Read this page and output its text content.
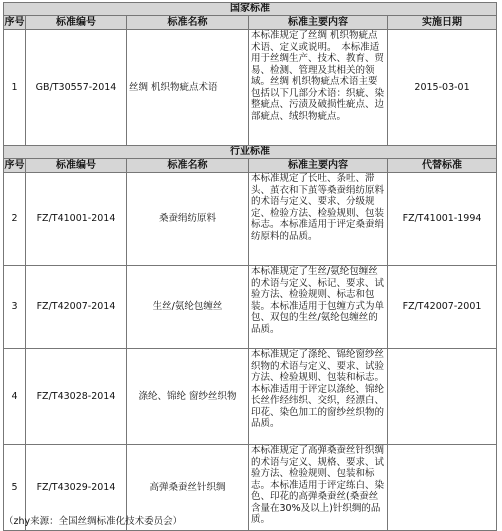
国家标准				
序号	标准编号	标准名称	标准主要内容	实施日期
1	GB/T30557-2014	丝绸 机织物疵点术语	本标准规定了丝绸 机织物疵点术语、定义或说明。　本标准适用于丝绸生产、技术、教育、贸易、检测、管理及其相关的领域。丝绸 机织物疵点术语主要包括以下几部分术语：织疵、染整疵点、污渍及破损性疵点、边部疵点、绒织物疵点。	2015-03-01
行业标准				
序号	标准编号	标准名称	标准主要内容	代替标准
2	FZ/T41001-2014	桑蚕绢纺原料	本标准规定了长吐、条吐、滞头、茧衣和下茧等桑蚕绢纺原料的术语与定义、要求、分级规定、检验方法、检验规则、包装标志。本标准适用于评定桑蚕绢纺原料的品质。	FZ/T41001-1994
3	FZ/T42007-2014	生丝/氨纶包缠丝	本标准规定了生丝/氨纶包缠丝的术语与定义、标记、要求、试验方法、检验规则、标志和包装。本标准适用于包缠方式为单包、双包的生丝/氨纶包缠丝的品质。	FZ/T42007-2001
4	FZ/T43028-2014	涤纶、锦纶 窗纱丝织物	本标准规定了涤纶、锦纶窗纱丝织物的术语与定义、要求、试验方法、检验规则、包装和标志。本标准适用于评定以涤纶、锦纶长丝作经纬织、交织，经漂白、印花、染色加工的窗纱丝织物的品质。	
5	FZ/T43029-2014	高弹桑蚕丝针织绸	本标准规定了高弹桑蚕丝针织绸的术语与定义、规格、要求、试验方法、检验规则、包装和标志。本标准适用于评定练白、染色、印花的高弹桑蚕丝(桑蚕丝含量在30%及以上)针织绸的品质。	
（zhy来源：全国丝绸标准化技术委员会）
